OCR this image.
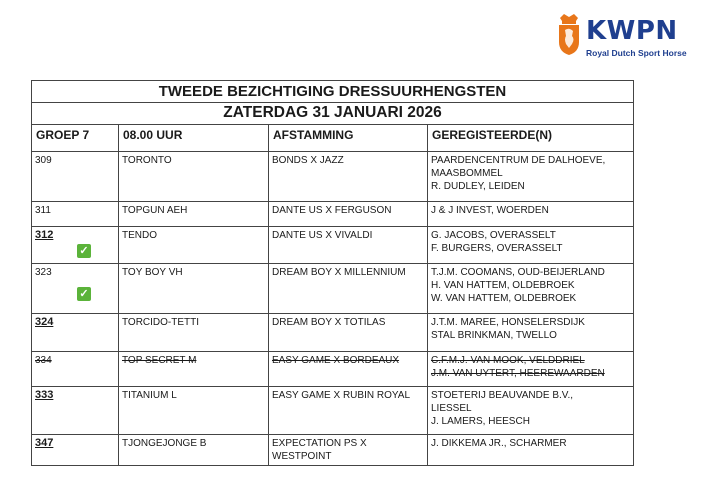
KWPN
Royal Dutch Sport Horse
TWEEDE BEZICHTIGING DRESSUURHENGSTEN
ZATERDAG 31 JANUARI 2026
GROEP 7	08.00 UUR	AFSTAMMING	GEREGISTEERDE(N)
309	TORONTO	BONDS X JAZZ	PAARDENCENTRUM DE DALHOEVE,
MAASBOMMEL
R. DUDLEY, LEIDEN

311	TOPGUN AEH	DANTE US X FERGUSON	J & J INVEST, WOERDEN

312
✓	TENDO	DANTE US X VIVALDI	G. JACOBS, OVERASSELT
F. BURGERS, OVERASSELT

323
✓	TOY BOY VH	DREAM BOY X MILLENNIUM	T.J.M. COOMANS, OUD-BEIJERLAND
H. VAN HATTEM, OLDEBROEK
W. VAN HATTEM, OLDEBROEK

324	TORCIDO-TETTI	DREAM BOY X TOTILAS	J.T.M. MAREE, HONSELERSDIJK
STAL BRINKMAN, TWELLO

334	TOP SECRET M	EASY GAME X BORDEAUX	C.F.M.J. VAN MOOK, VELDDRIEL
J.M. VAN UYTERT, HEEREWAARDEN

333	TITANIUM L	EASY GAME X RUBIN ROYAL	STOETERIJ BEAUVANDE B.V.,
LIESSEL
J. LAMERS, HEESCH

347	TJONGEJONGE B	EXPECTATION PS X
WESTPOINT	J. DIKKEMA JR., SCHARMER
